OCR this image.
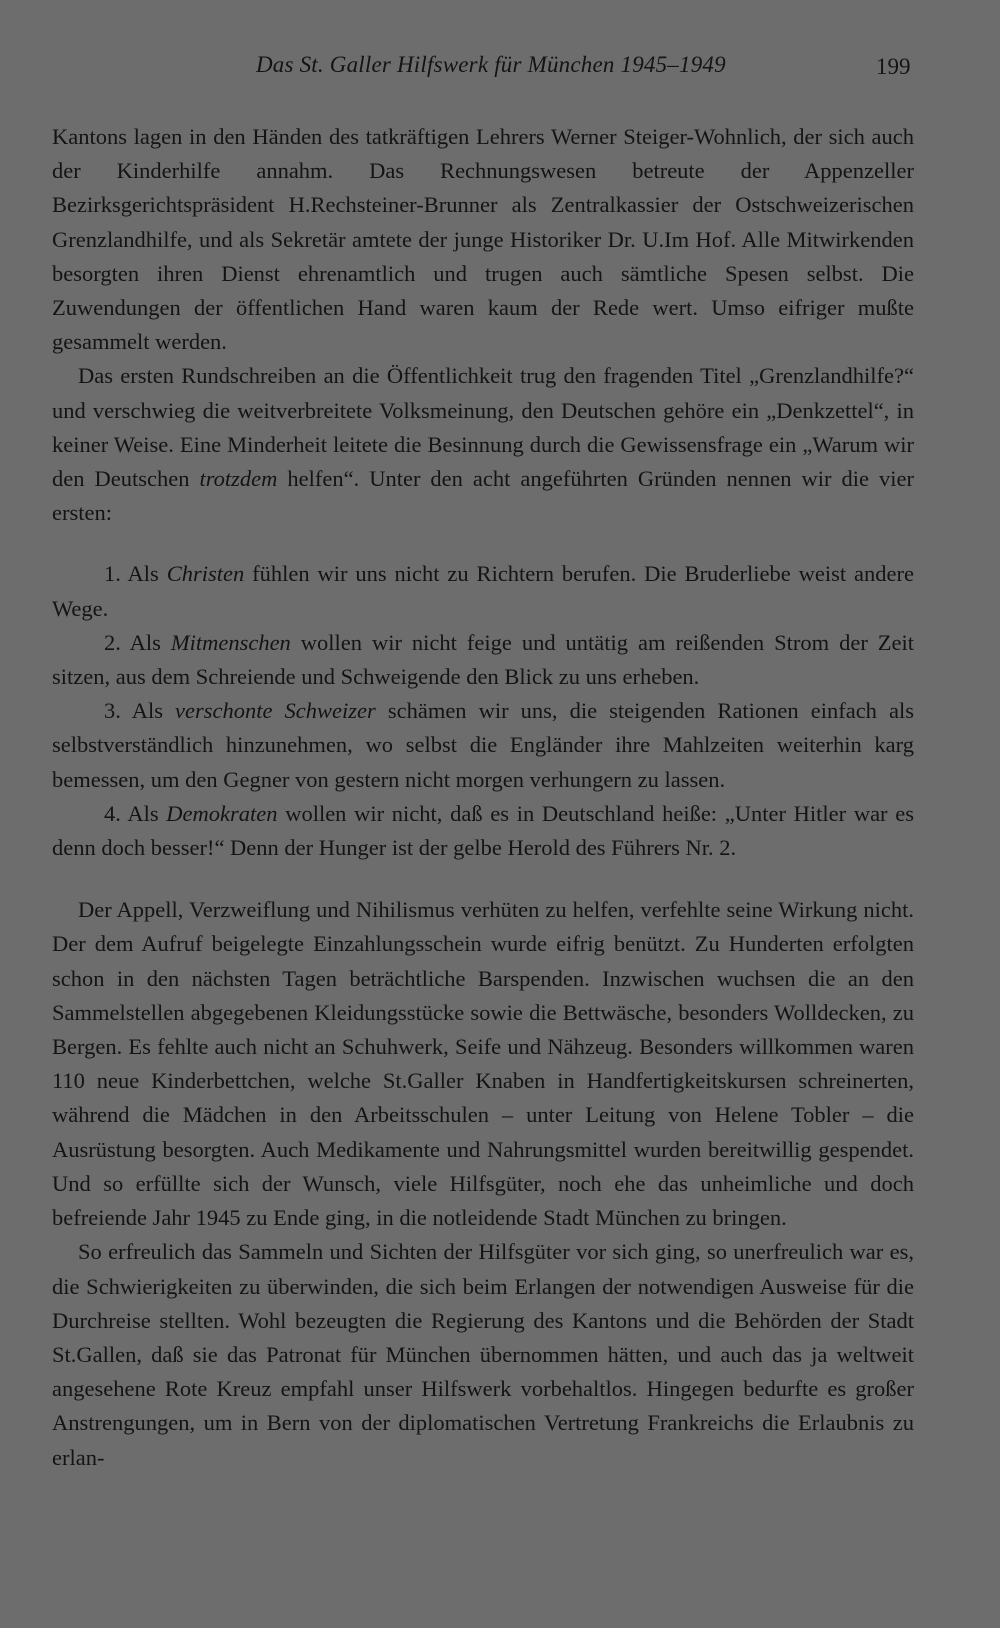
Das St. Galler Hilfswerk für München 1945–1949	199

Kantons lagen in den Händen des tatkräftigen Lehrers Werner Steiger-Wohnlich, der sich auch der Kinderhilfe annahm. Das Rechnungswesen betreute der Appenzeller Bezirksgerichtspräsident H.Rechsteiner-Brunner als Zentralkassier der Ostschweizerischen Grenzlandhilfe, und als Sekretär amtete der junge Historiker Dr. U.Im Hof. Alle Mitwirkenden besorgten ihren Dienst ehrenamtlich und trugen auch sämtliche Spesen selbst. Die Zuwendungen der öffentlichen Hand waren kaum der Rede wert. Umso eifriger mußte gesammelt werden.

Das ersten Rundschreiben an die Öffentlichkeit trug den fragenden Titel „Grenzlandhilfe?“ und verschwieg die weitverbreitete Volksmeinung, den Deutschen gehöre ein „Denkzettel“, in keiner Weise. Eine Minderheit leitete die Besinnung durch die Gewissensfrage ein „Warum wir den Deutschen trotzdem helfen“. Unter den acht angeführten Gründen nennen wir die vier ersten:

1. Als Christen fühlen wir uns nicht zu Richtern berufen. Die Bruderliebe weist andere Wege.

2. Als Mitmenschen wollen wir nicht feige und untätig am reißenden Strom der Zeit sitzen, aus dem Schreiende und Schweigende den Blick zu uns erheben.

3. Als verschonte Schweizer schämen wir uns, die steigenden Rationen einfach als selbstverständlich hinzunehmen, wo selbst die Engländer ihre Mahlzeiten weiterhin karg bemessen, um den Gegner von gestern nicht morgen verhungern zu lassen.

4. Als Demokraten wollen wir nicht, daß es in Deutschland heiße: „Unter Hitler war es denn doch besser!“ Denn der Hunger ist der gelbe Herold des Führers Nr. 2.

Der Appell, Verzweiflung und Nihilismus verhüten zu helfen, verfehlte seine Wirkung nicht. Der dem Aufruf beigelegte Einzahlungsschein wurde eifrig benützt. Zu Hunderten erfolgten schon in den nächsten Tagen beträchtliche Barspenden. Inzwischen wuchsen die an den Sammelstellen abgegebenen Kleidungsstücke sowie die Bettwäsche, besonders Wolldecken, zu Bergen. Es fehlte auch nicht an Schuhwerk, Seife und Nähzeug. Besonders willkommen waren 110 neue Kinderbettchen, welche St.Galler Knaben in Handfertigkeitskursen schreinerten, während die Mädchen in den Arbeitsschulen – unter Leitung von Helene Tobler – die Ausrüstung besorgten. Auch Medikamente und Nahrungsmittel wurden bereitwillig gespendet. Und so erfüllte sich der Wunsch, viele Hilfsgüter, noch ehe das unheimliche und doch befreiende Jahr 1945 zu Ende ging, in die notleidende Stadt München zu bringen.

So erfreulich das Sammeln und Sichten der Hilfsgüter vor sich ging, so unerfreulich war es, die Schwierigkeiten zu überwinden, die sich beim Erlangen der notwendigen Ausweise für die Durchreise stellten. Wohl bezeugten die Regierung des Kantons und die Behörden der Stadt St.Gallen, daß sie das Patronat für München übernommen hätten, und auch das ja weltweit angesehene Rote Kreuz empfahl unser Hilfswerk vorbehaltlos. Hingegen bedurfte es großer Anstrengungen, um in Bern von der diplomatischen Vertretung Frankreichs die Erlaubnis zu erlan-
